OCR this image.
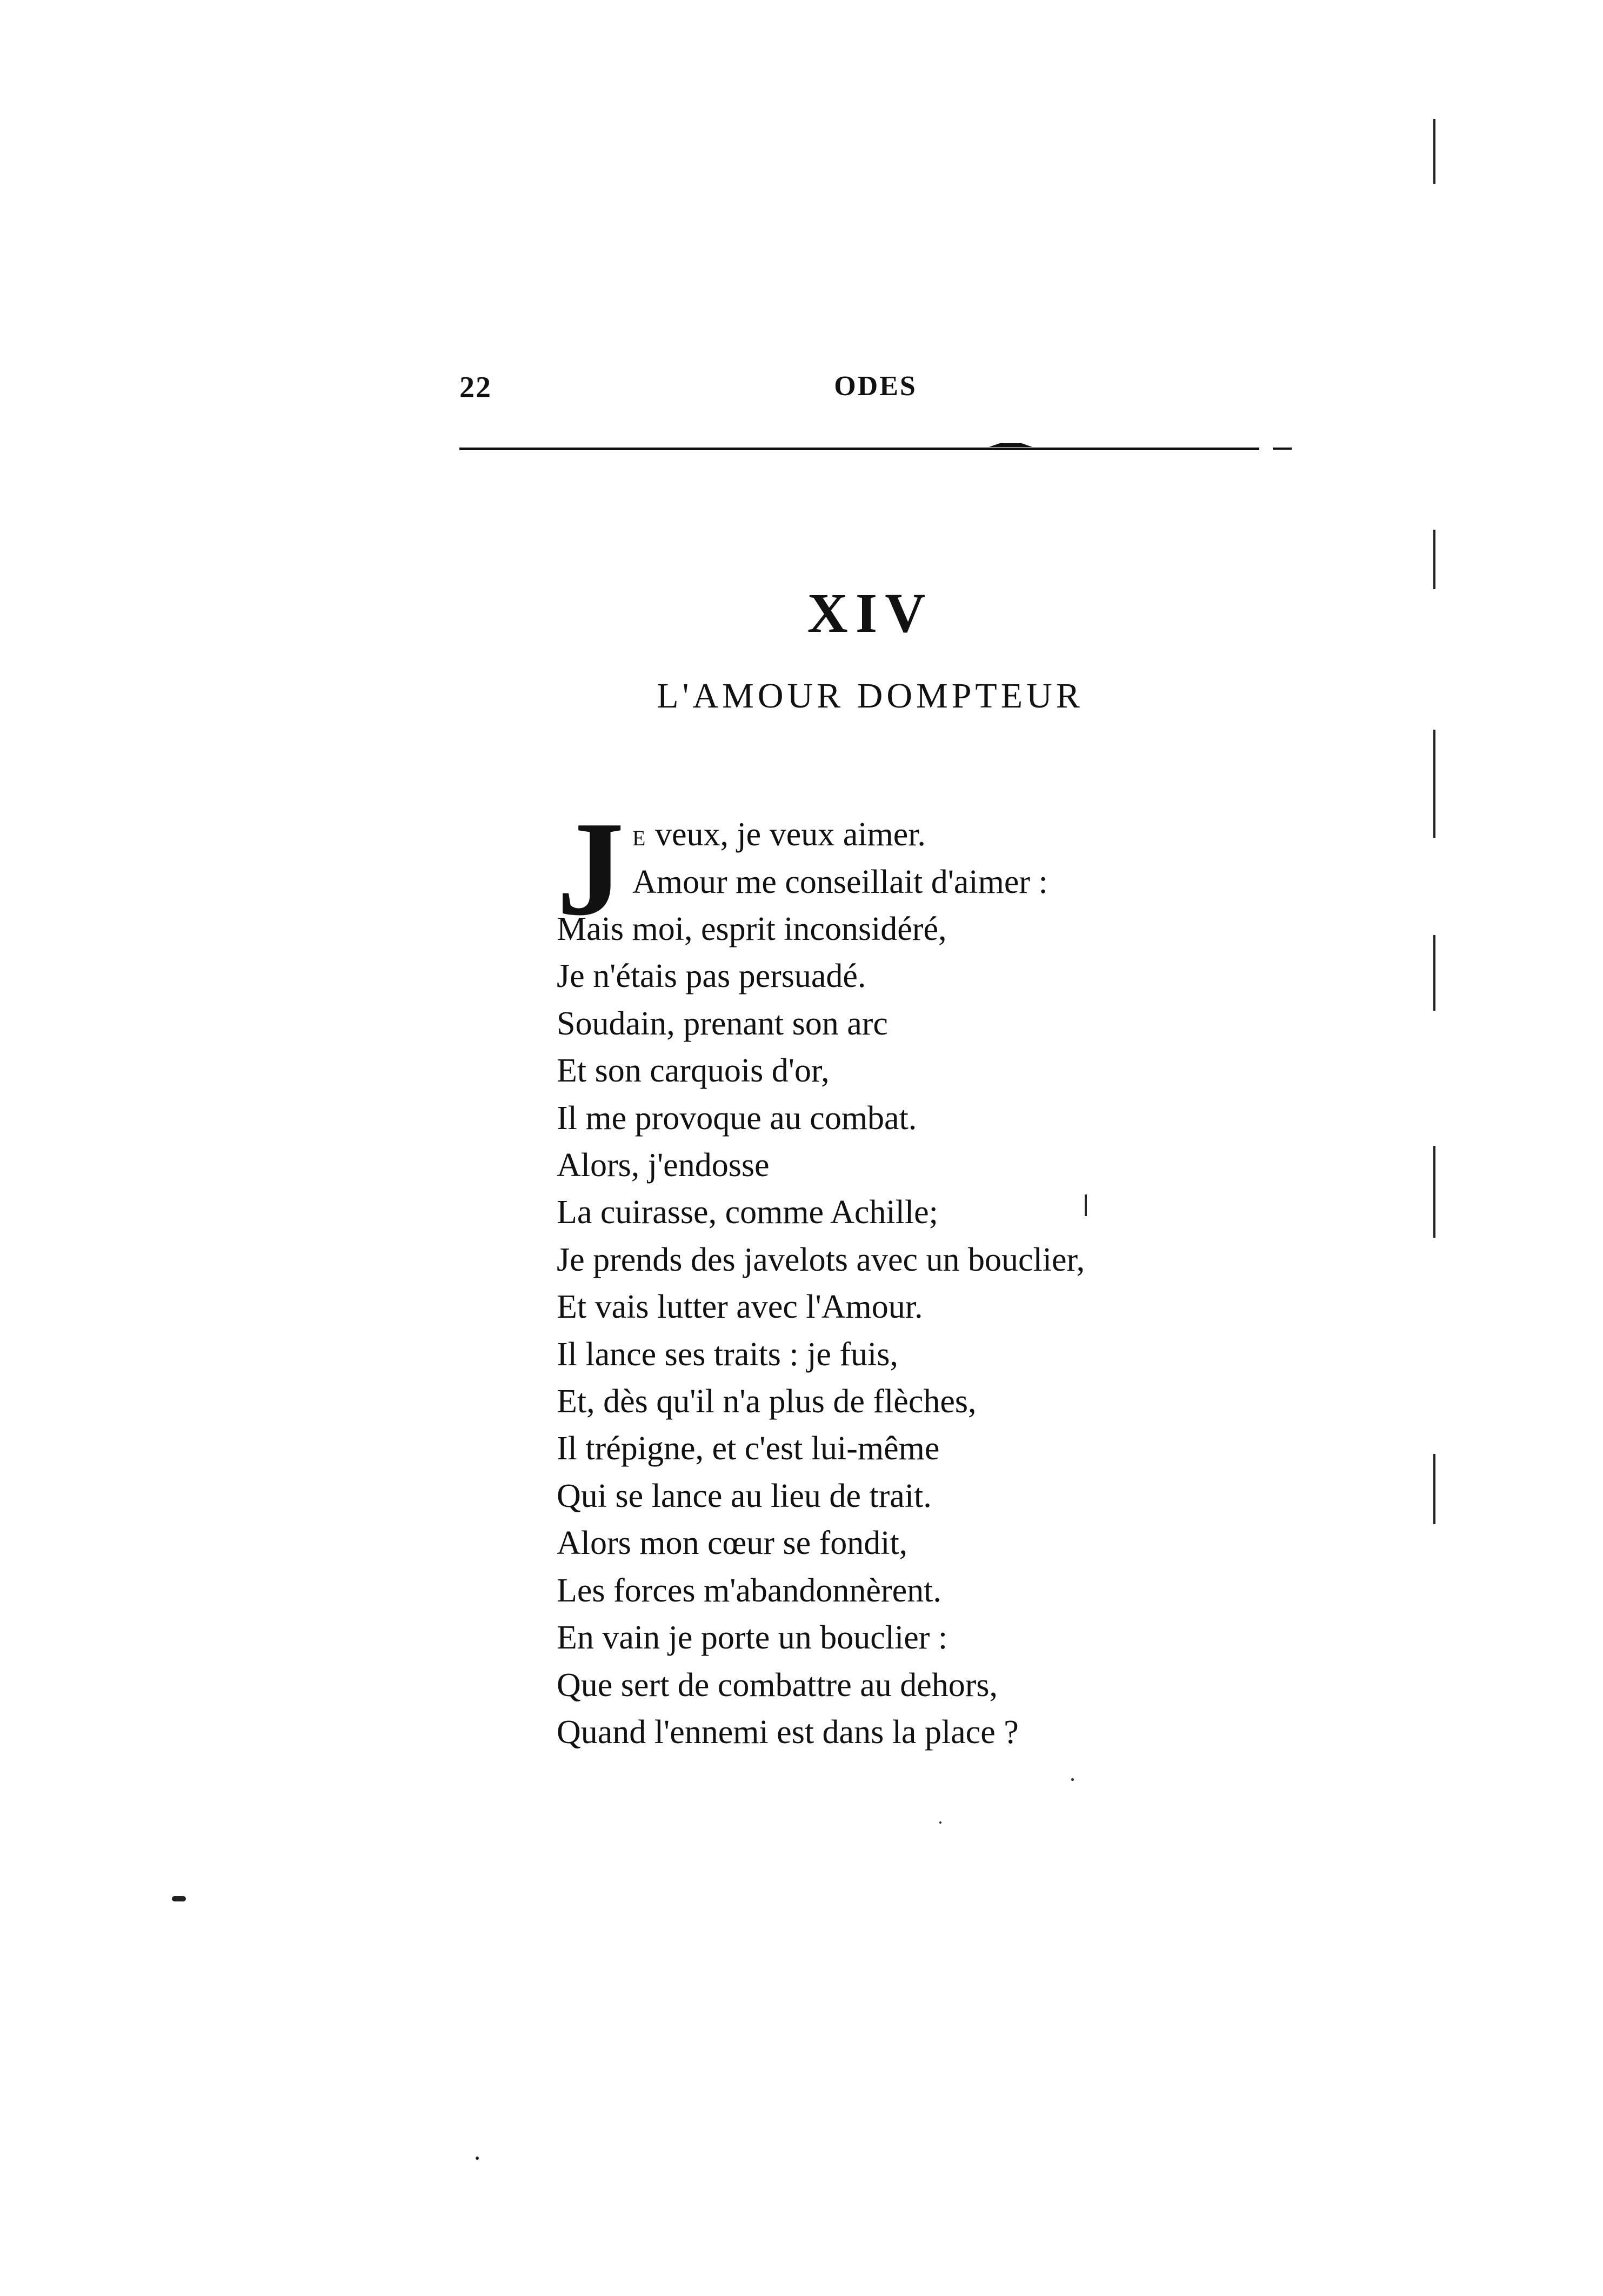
22	ODES
XIV
L'AMOUR DOMPTEUR
J E veux, je veux aimer.
Amour me conseillait d'aimer :
Mais moi, esprit inconsidéré,
Je n'étais pas persuadé.
Soudain, prenant son arc
Et son carquois d'or,
Il me provoque au combat.
Alors, j'endosse
La cuirasse, comme Achille;
Je prends des javelots avec un bouclier,
Et vais lutter avec l'Amour.
Il lance ses traits : je fuis,
Et, dès qu'il n'a plus de flèches,
Il trépigne, et c'est lui-même
Qui se lance au lieu de trait.
Alors mon cœur se fondit,
Les forces m'abandonnèrent.
En vain je porte un bouclier :
Que sert de combattre au dehors,
Quand l'ennemi est dans la place ?
